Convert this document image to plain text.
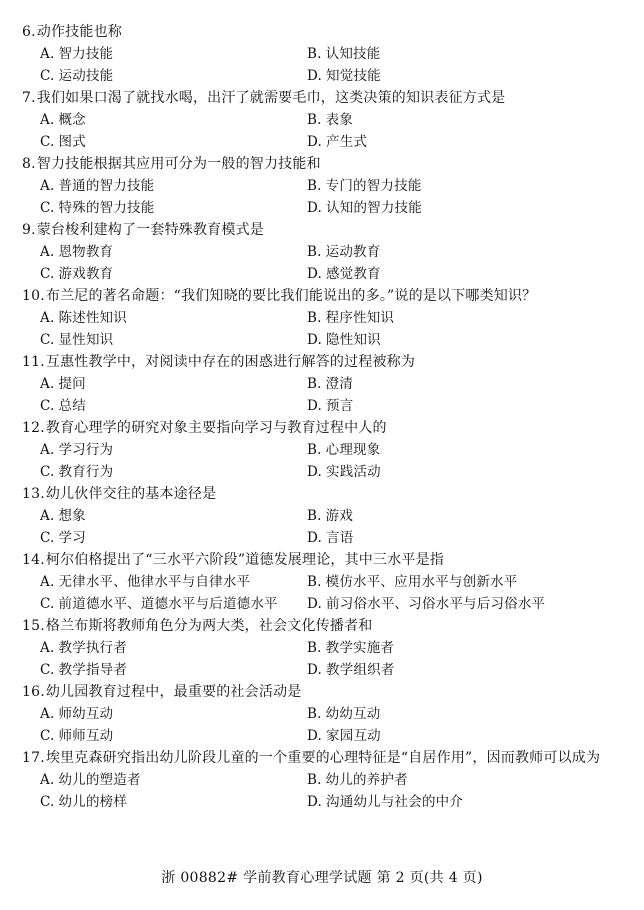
6.动作技能也称
A. 智力技能	B. 认知技能
C. 运动技能	D. 知觉技能
7.我们如果口渴了就找水喝，出汗了就需要毛巾，这类决策的知识表征方式是
A. 概念	B. 表象
C. 图式	D. 产生式
8.智力技能根据其应用可分为一般的智力技能和
A. 普通的智力技能	B. 专门的智力技能
C. 特殊的智力技能	D. 认知的智力技能
9.蒙台梭利建构了一套特殊教育模式是
A. 恩物教育	B. 运动教育
C. 游戏教育	D. 感觉教育
10.布兰尼的著名命题：“我们知晓的要比我们能说出的多。”说的是以下哪类知识？
A. 陈述性知识	B. 程序性知识
C. 显性知识	D. 隐性知识
11.互惠性教学中，对阅读中存在的困惑进行解答的过程被称为
A. 提问	B. 澄清
C. 总结	D. 预言
12.教育心理学的研究对象主要指向学习与教育过程中人的
A. 学习行为	B. 心理现象
C. 教育行为	D. 实践活动
13.幼儿伙伴交往的基本途径是
A. 想象	B. 游戏
C. 学习	D. 言语
14.柯尔伯格提出了“三水平六阶段”道德发展理论，其中三水平是指
A. 无律水平、他律水平与自律水平	B. 模仿水平、应用水平与创新水平
C. 前道德水平、道德水平与后道德水平	D. 前习俗水平、习俗水平与后习俗水平
15.格兰布斯将教师角色分为两大类，社会文化传播者和
A. 教学执行者	B. 教学实施者
C. 教学指导者	D. 教学组织者
16.幼儿园教育过程中，最重要的社会活动是
A. 师幼互动	B. 幼幼互动
C. 师师互动	D. 家园互动
17.埃里克森研究指出幼儿阶段儿童的一个重要的心理特征是“自居作用”，因而教师可以成为
A. 幼儿的塑造者	B. 幼儿的养护者
C. 幼儿的榜样	D. 沟通幼儿与社会的中介
浙 00882# 学前教育心理学试题 第 2 页(共 4 页)
